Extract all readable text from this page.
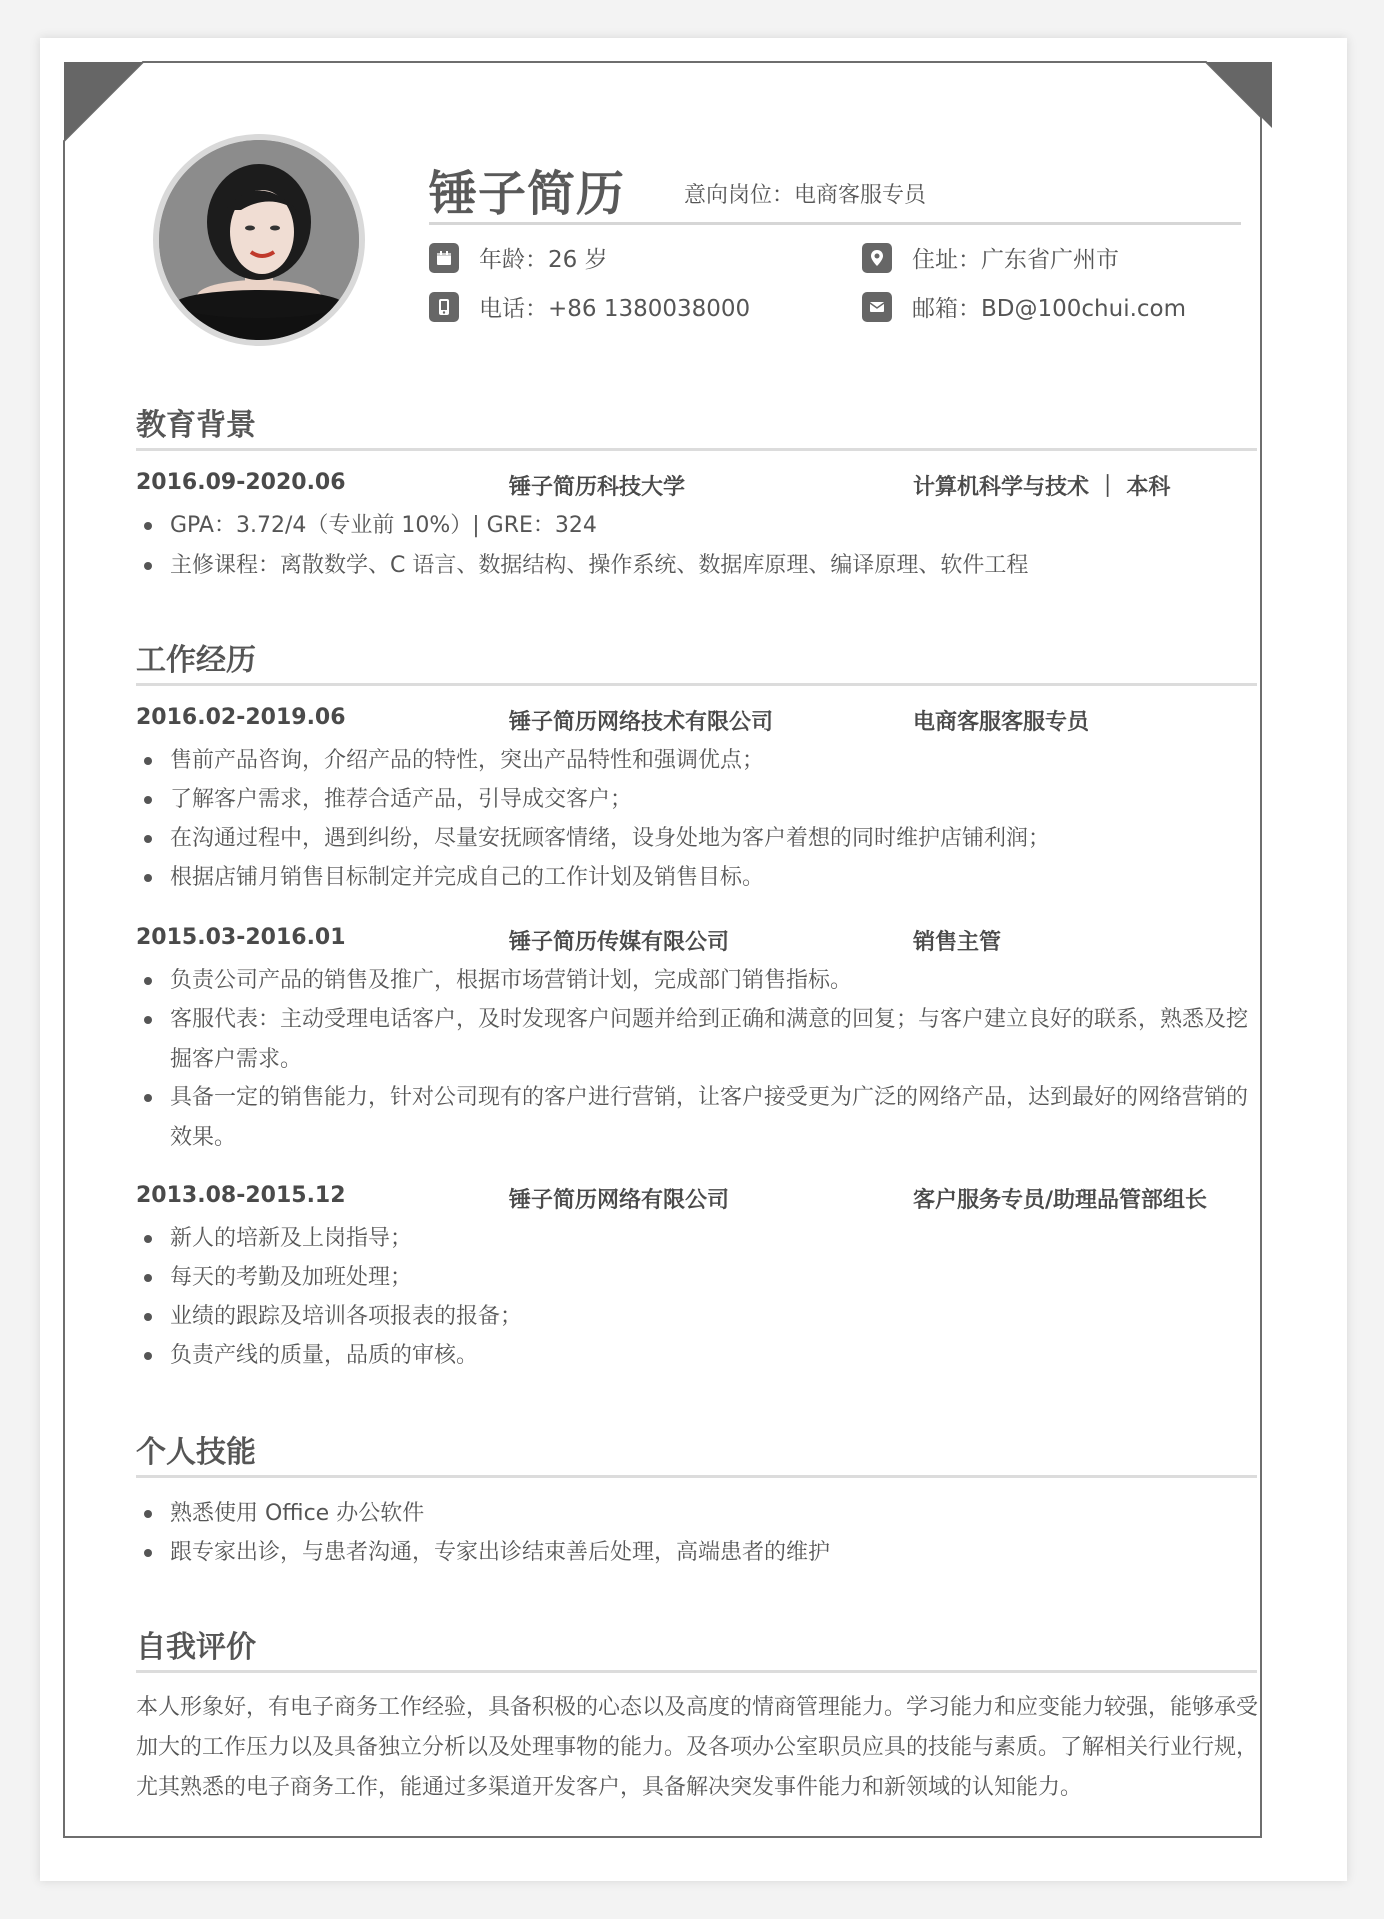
锤子简历	意向岗位：电商客服专员
年龄：26 岁	住址：广东省广州市
电话：+86 1380038000	邮箱：BD@100chui.com
教育背景
2016.09-2020.06	锤子简历科技大学	计算机科学与技术 ｜ 本科
GPA：3.72/4（专业前 10%）| GRE：324
主修课程：离散数学、C 语言、数据结构、操作系统、数据库原理、编译原理、软件工程
工作经历
2016.02-2019.06	锤子简历网络技术有限公司	电商客服客服专员
售前产品咨询，介绍产品的特性，突出产品特性和强调优点；
了解客户需求，推荐合适产品，引导成交客户；
在沟通过程中，遇到纠纷，尽量安抚顾客情绪，设身处地为客户着想的同时维护店铺利润；
根据店铺月销售目标制定并完成自己的工作计划及销售目标。
2015.03-2016.01	锤子简历传媒有限公司	销售主管
负责公司产品的销售及推广，根据市场营销计划，完成部门销售指标。
客服代表：主动受理电话客户，及时发现客户问题并给到正确和满意的回复；与客户建立良好的联系，熟悉及挖掘客户需求。
具备一定的销售能力，针对公司现有的客户进行营销，让客户接受更为广泛的网络产品，达到最好的网络营销的效果。
2013.08-2015.12	锤子简历网络有限公司	客户服务专员/助理品管部组长
新人的培新及上岗指导；
每天的考勤及加班处理；
业绩的跟踪及培训各项报表的报备；
负责产线的质量，品质的审核。
个人技能
熟悉使用 Office 办公软件
跟专家出诊，与患者沟通，专家出诊结束善后处理，高端患者的维护
自我评价
本人形象好，有电子商务工作经验，具备积极的心态以及高度的情商管理能力。学习能力和应变能力较强，能够承受加大的工作压力以及具备独立分析以及处理事物的能力。及各项办公室职员应具的技能与素质。了解相关行业行规，尤其熟悉的电子商务工作，能通过多渠道开发客户，具备解决突发事件能力和新领域的认知能力。
